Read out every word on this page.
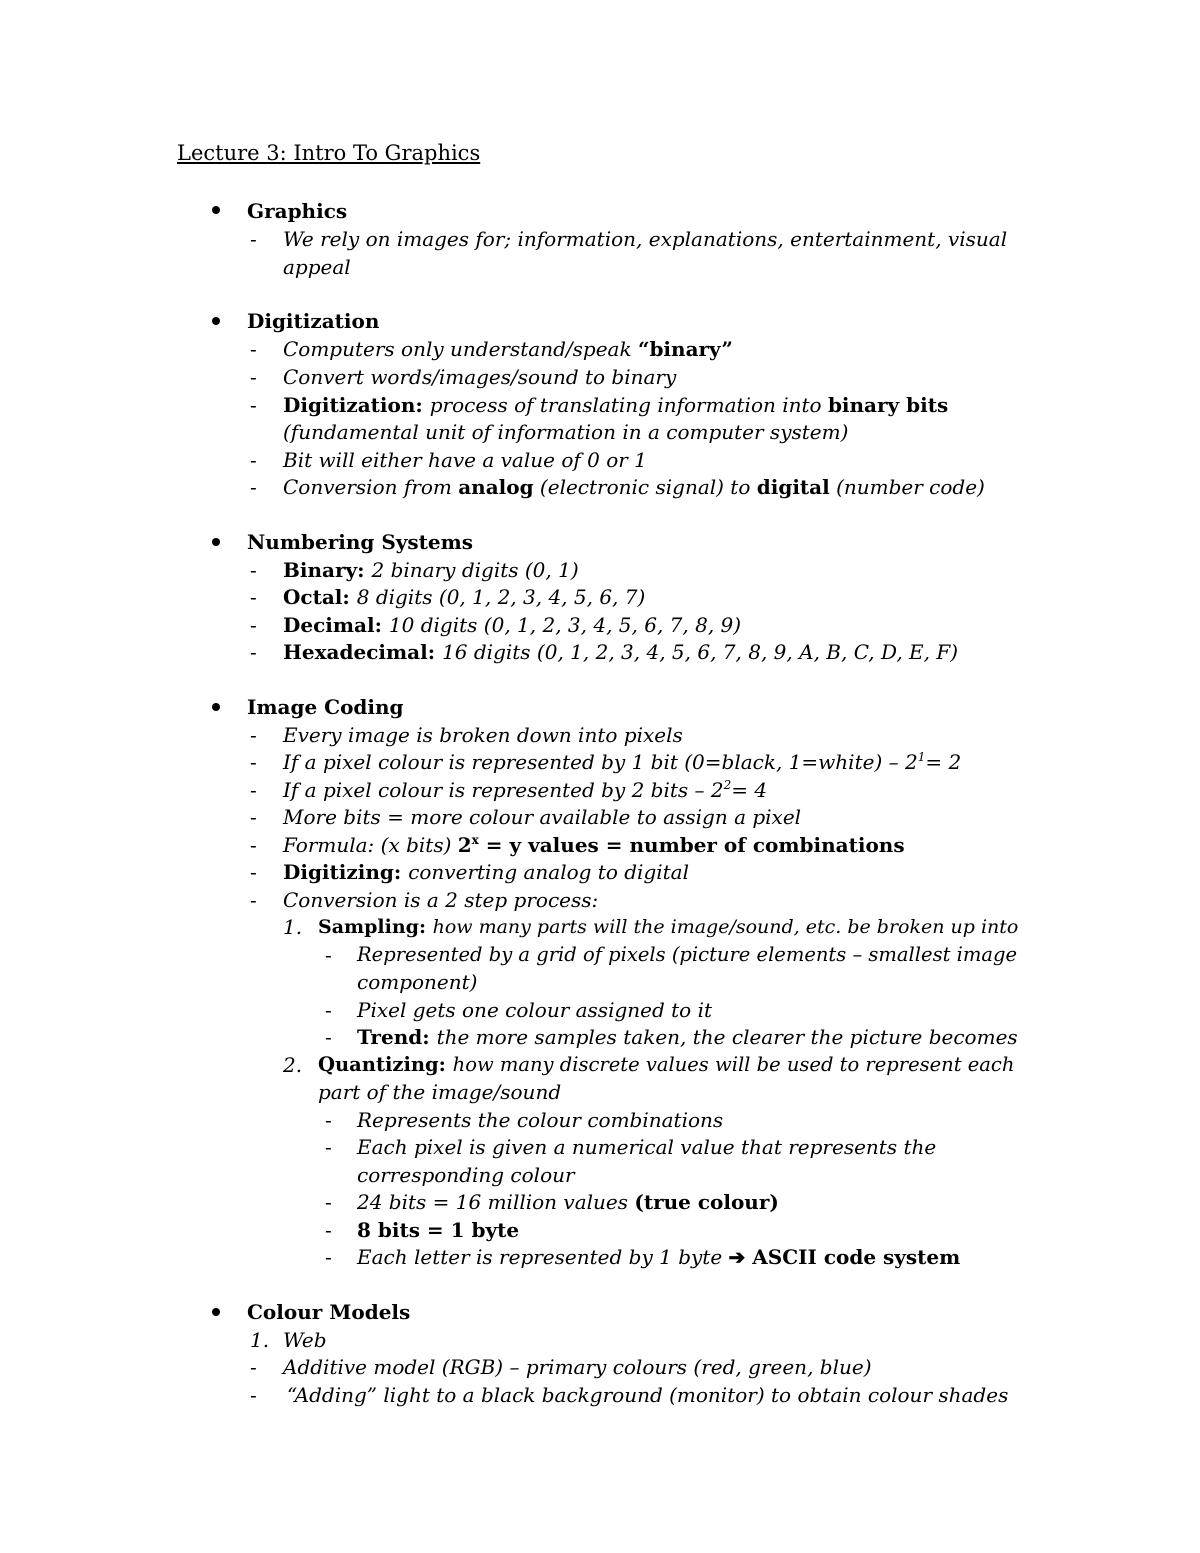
Lecture 3: Intro To Graphics
Graphics
- We rely on images for; information, explanations, entertainment, visual
appeal
Digitization
- Computers only understand/speak “binary”
- Convert words/images/sound to binary
- Digitization: process of translating information into binary bits
(fundamental unit of information in a computer system)
- Bit will either have a value of 0 or 1
- Conversion from analog (electronic signal) to digital (number code)
Numbering Systems
- Binary: 2 binary digits (0, 1)
- Octal: 8 digits (0, 1, 2, 3, 4, 5, 6, 7)
- Decimal: 10 digits (0, 1, 2, 3, 4, 5, 6, 7, 8, 9)
- Hexadecimal: 16 digits (0, 1, 2, 3, 4, 5, 6, 7, 8, 9, A, B, C, D, E, F)
Image Coding
- Every image is broken down into pixels
- If a pixel colour is represented by 1 bit (0=black, 1=white) – $2^1= 2$
- If a pixel colour is represented by 2 bits – $2^2= 4$
- More bits = more colour available to assign a pixel
- Formula: (x bits) $2^x = y$ values = number of combinations
- Digitizing: converting analog to digital
- Conversion is a 2 step process:
1. Sampling: how many parts will the image/sound, etc. be broken up into
- Represented by a grid of pixels (picture elements – smallest image
component)
- Pixel gets one colour assigned to it
- Trend: the more samples taken, the clearer the picture becomes
2. Quantizing: how many discrete values will be used to represent each
part of the image/sound
- Represents the colour combinations
- Each pixel is given a numerical value that represents the
corresponding colour
- 24 bits = 16 million values (true colour)
- 8 bits = 1 byte
- Each letter is represented by 1 byte ➔ ASCII code system
Colour Models
1. Web
- Additive model (RGB) – primary colours (red, green, blue)
- “Adding” light to a black background (monitor) to obtain colour shades
